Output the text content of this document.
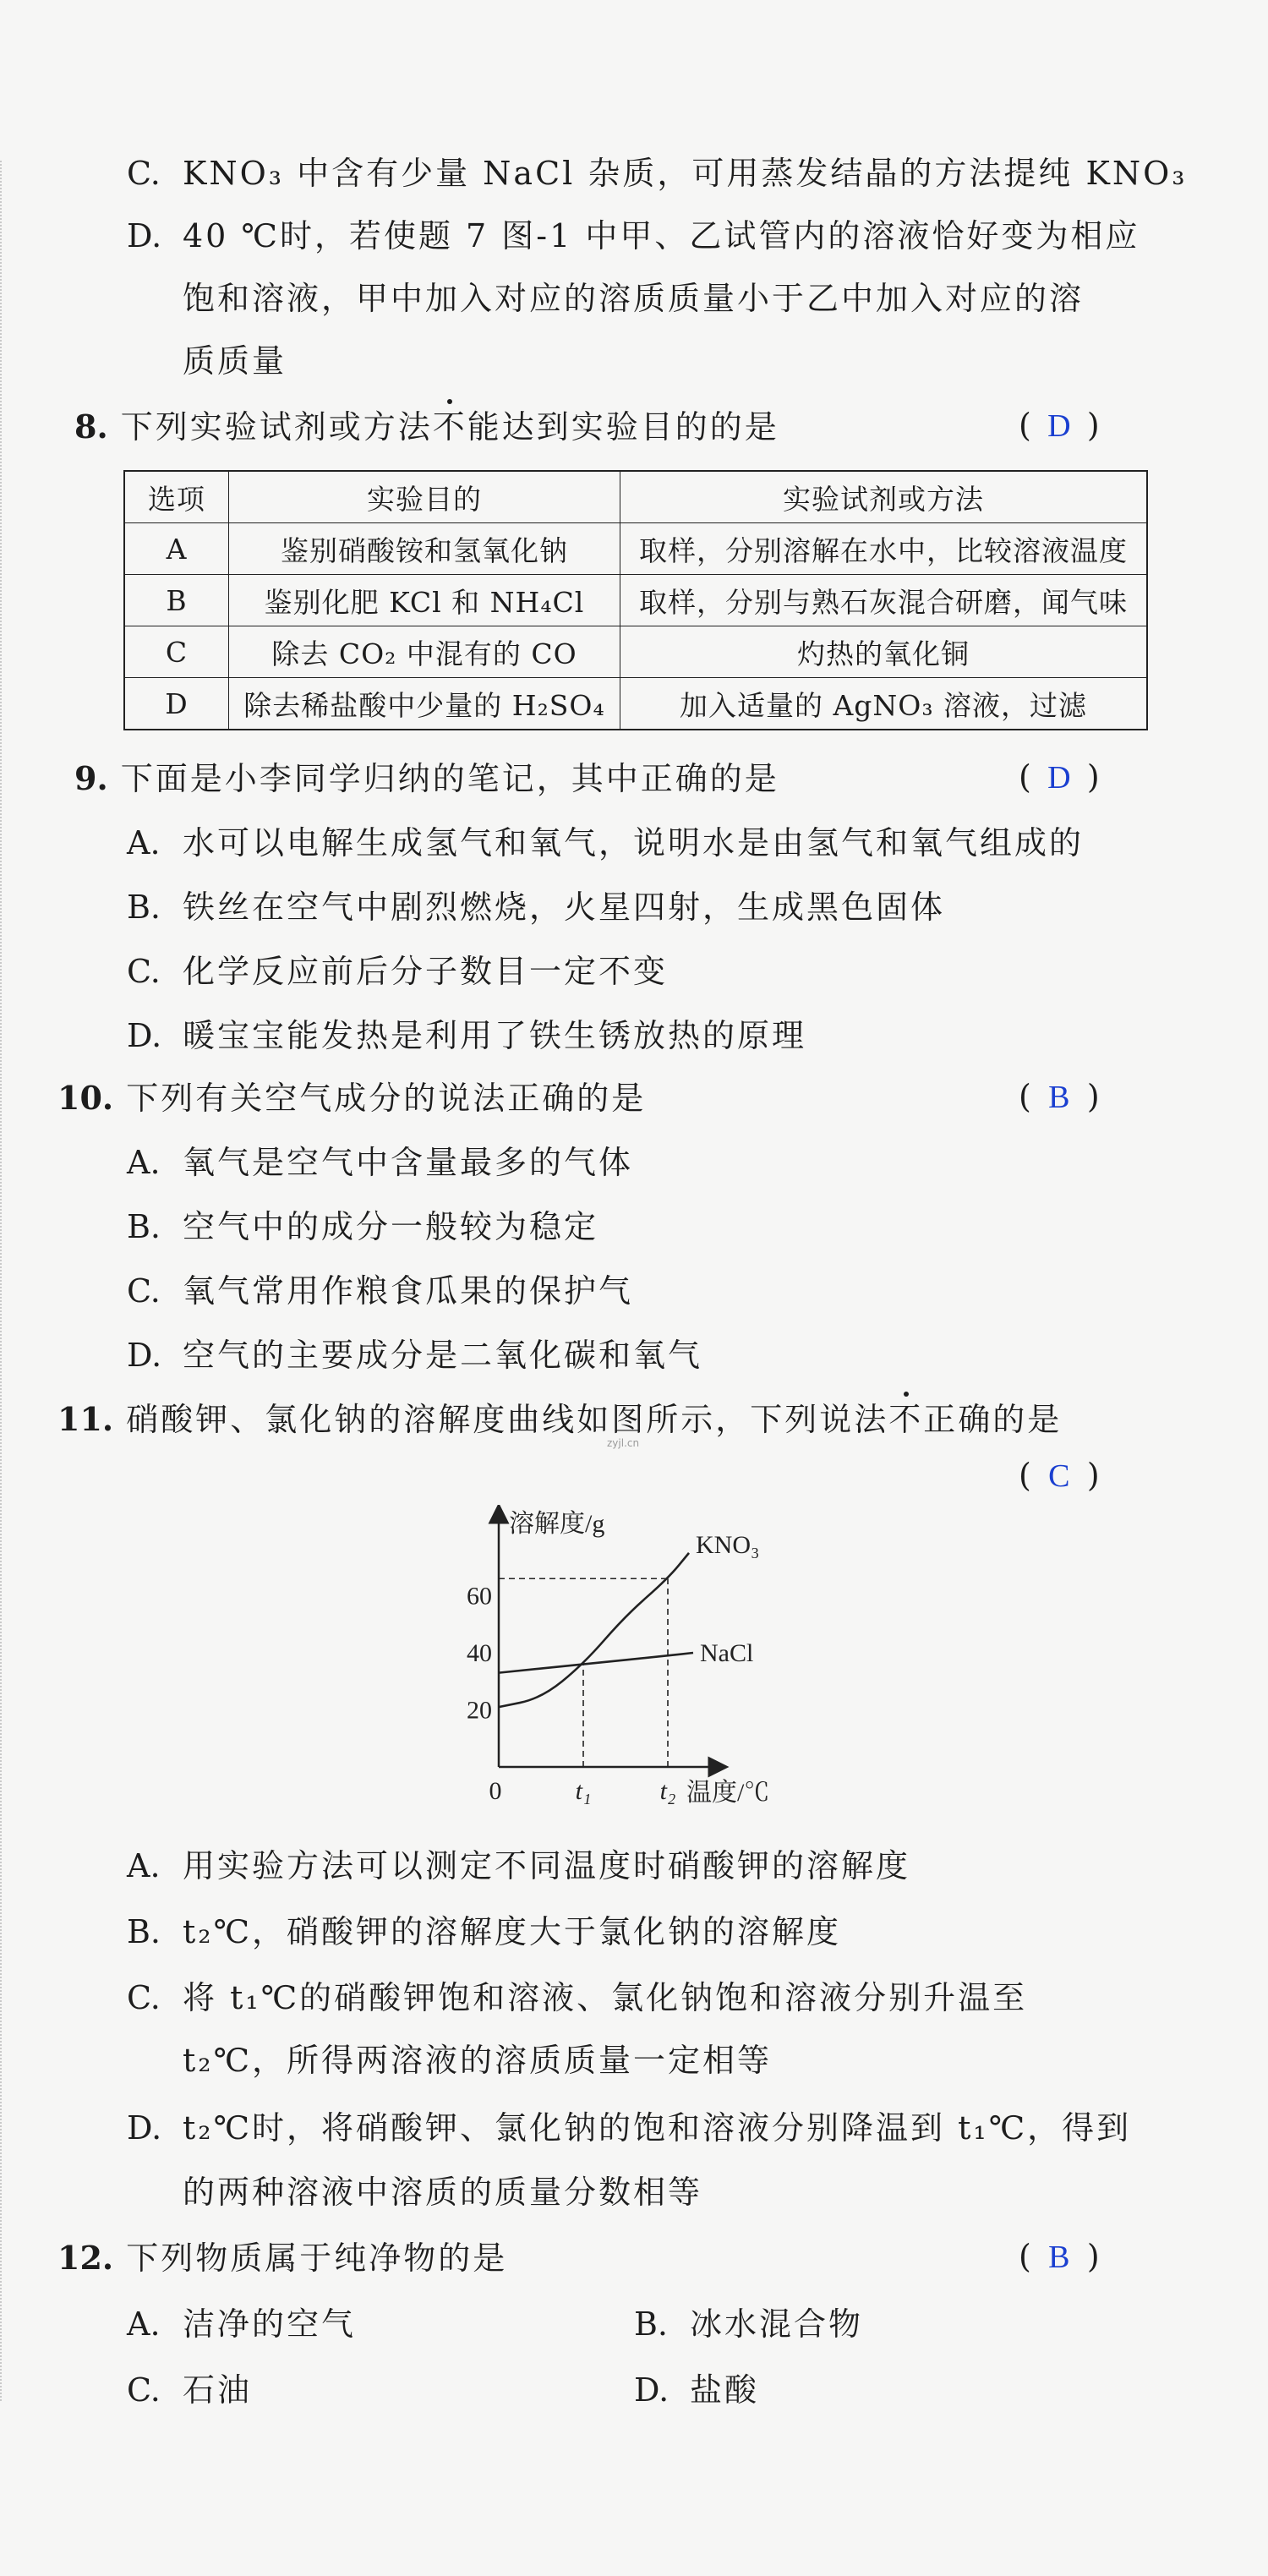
C. KNO₃ 中含有少量 NaCl 杂质，可用蒸发结晶的方法提纯 KNO₃
D. 40 ℃时，若使题 7 图-1 中甲、乙试管内的溶液恰好变为相应
饱和溶液，甲中加入对应的溶质质量小于乙中加入对应的溶
质质量
8. 下列实验试剂或方法不能达到实验目的的是	( D )
选项	实验目的	实验试剂或方法
A	鉴别硝酸铵和氢氧化钠	取样，分别溶解在水中，比较溶液温度
B	鉴别化肥 KCl 和 NH₄Cl	取样，分别与熟石灰混合研磨，闻气味
C	除去 CO₂ 中混有的 CO	灼热的氧化铜
D	除去稀盐酸中少量的 H₂SO₄	加入适量的 AgNO₃ 溶液，过滤
9. 下面是小李同学归纳的笔记，其中正确的是	( D )
A. 水可以电解生成氢气和氧气，说明水是由氢气和氧气组成的
B. 铁丝在空气中剧烈燃烧，火星四射，生成黑色固体
C. 化学反应前后分子数目一定不变
D. 暖宝宝能发热是利用了铁生锈放热的原理
10. 下列有关空气成分的说法正确的是	( B )
A. 氧气是空气中含量最多的气体
B. 空气中的成分一般较为稳定
C. 氧气常用作粮食瓜果的保护气
D. 空气的主要成分是二氧化碳和氧气
11. 硝酸钾、氯化钠的溶解度曲线如图所示，下列说法不正确的是
zyjl.cn
( C )
KNO₃
NaCl
20
40
60
0	t₁	t₂
溶解度/g
温度/℃
A. 用实验方法可以测定不同温度时硝酸钾的溶解度
B. t₂℃，硝酸钾的溶解度大于氯化钠的溶解度
C. 将 t₁℃的硝酸钾饱和溶液、氯化钠饱和溶液分别升温至
t₂℃，所得两溶液的溶质质量一定相等
D. t₂℃时，将硝酸钾、氯化钠的饱和溶液分别降温到 t₁℃，得到
的两种溶液中溶质的质量分数相等
12. 下列物质属于纯净物的是	( B )
A. 洁净的空气	B. 冰水混合物
C. 石油	D. 盐酸
